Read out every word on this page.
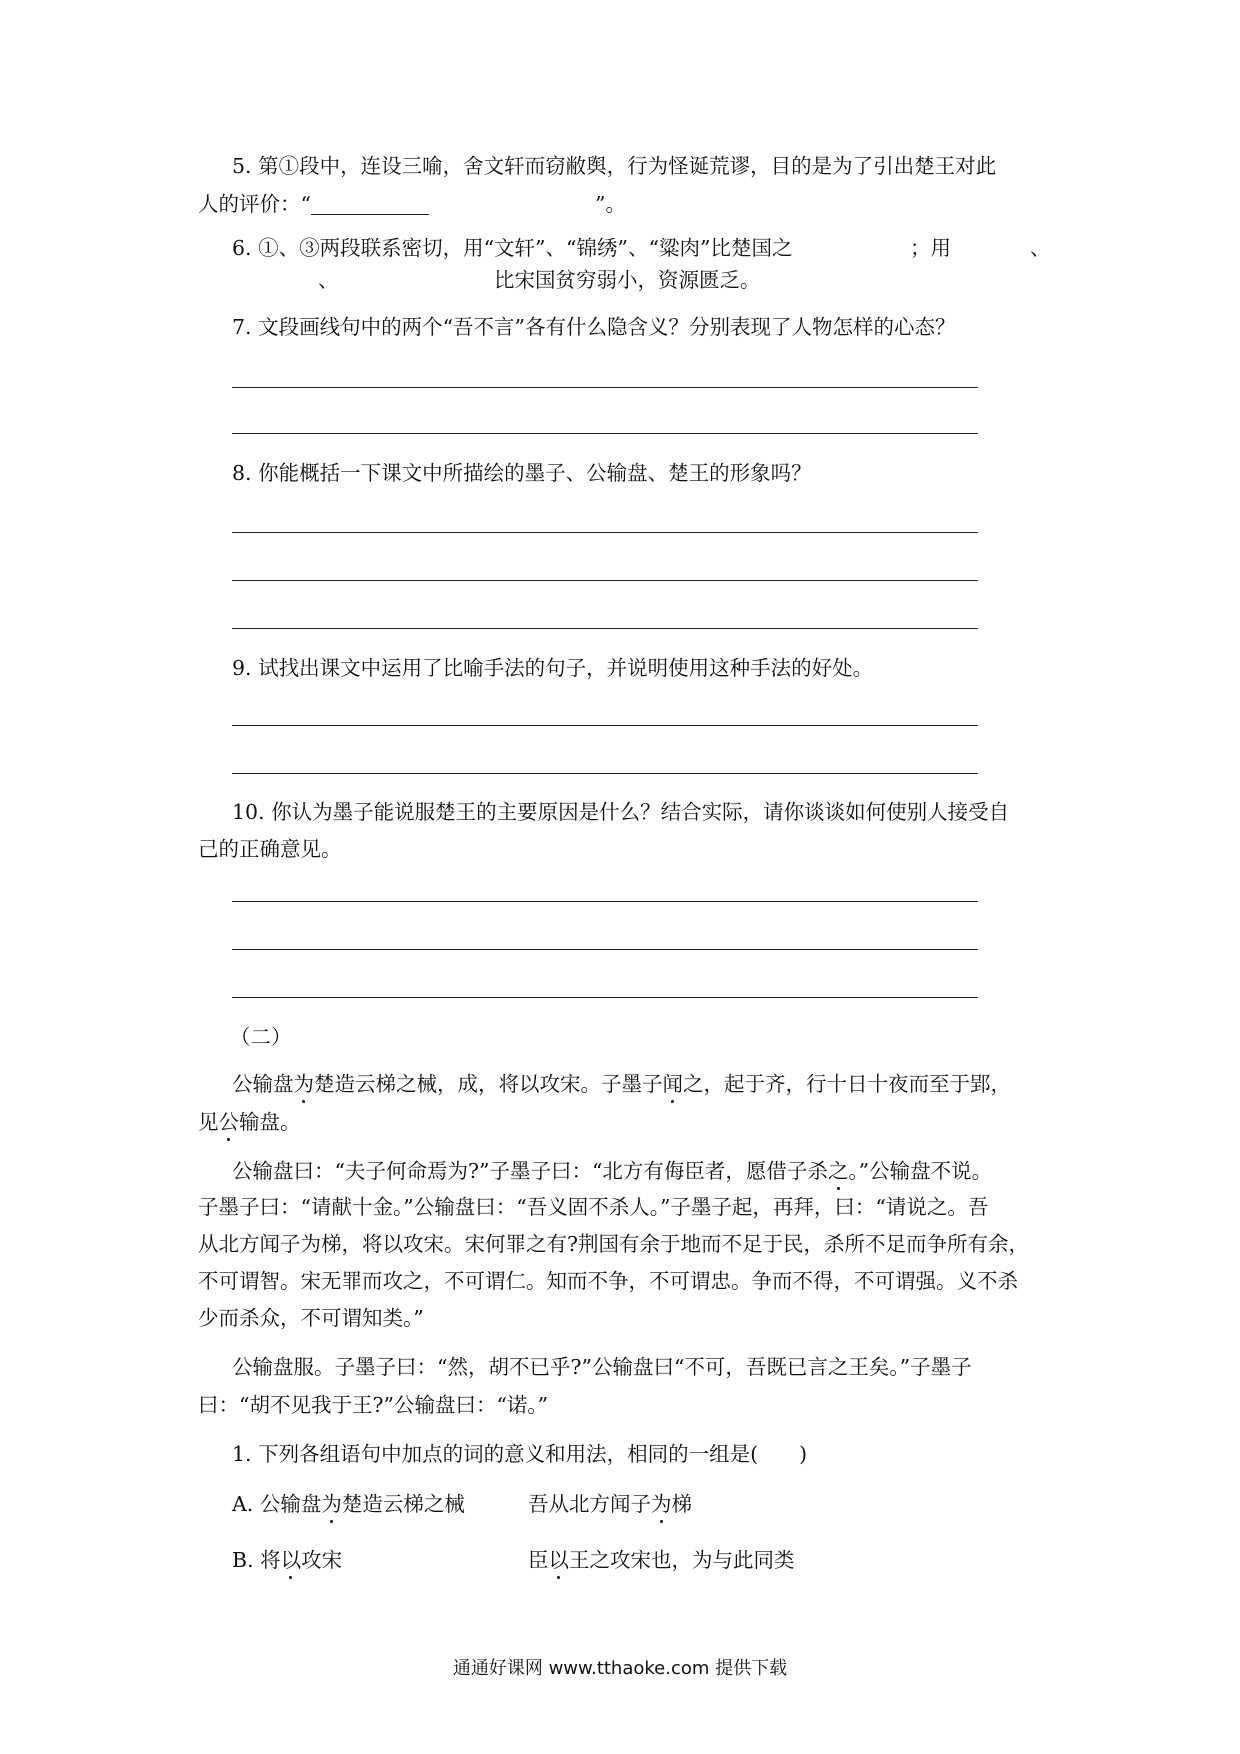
5. 第①段中，连设三喻，舍文轩而窃敝舆，行为怪诞荒谬，目的是为了引出楚王对此
人的评价：“	”。
6. ①、③两段联系密切，用“文轩”、“锦绣”、“粱肉”比楚国之	；用	、
、	比宋国贫穷弱小，资源匮乏。
7. 文段画线句中的两个“吾不言”各有什么隐含义？分别表现了人物怎样的心态？
8. 你能概括一下课文中所描绘的墨子、公输盘、楚王的形象吗？
9. 试找出课文中运用了比喻手法的句子，并说明使用这种手法的好处。
10. 你认为墨子能说服楚王的主要原因是什么？结合实际，请你谈谈如何使别人接受自
己的正确意见。
（二）
公输盘为楚造云梯之械，成，将以攻宋。子墨子闻之，起于齐，行十日十夜而至于郢，
见公输盘。
公输盘曰：“夫子何命焉为?”子墨子曰：“北方有侮臣者，愿借子杀之。”公输盘不说。
子墨子曰：“请献十金。”公输盘曰：“吾义固不杀人。”子墨子起，再拜，曰：“请说之。吾
从北方闻子为梯，将以攻宋。宋何罪之有?荆国有余于地而不足于民，杀所不足而争所有余，
不可谓智。宋无罪而攻之，不可谓仁。知而不争，不可谓忠。争而不得，不可谓强。义不杀
少而杀众，不可谓知类。”
公输盘服。子墨子曰：“然，胡不已乎?”公输盘曰“不可，吾既已言之王矣。”子墨子
曰：“胡不见我于王?”公输盘曰：“诺。”
1. 下列各组语句中加点的词的意义和用法，相同的一组是(　　)
A. 公输盘为楚造云梯之械	吾从北方闻子为梯
B. 将以攻宋	臣以王之攻宋也，为与此同类
通通好课网 www.tthaoke.com 提供下载
